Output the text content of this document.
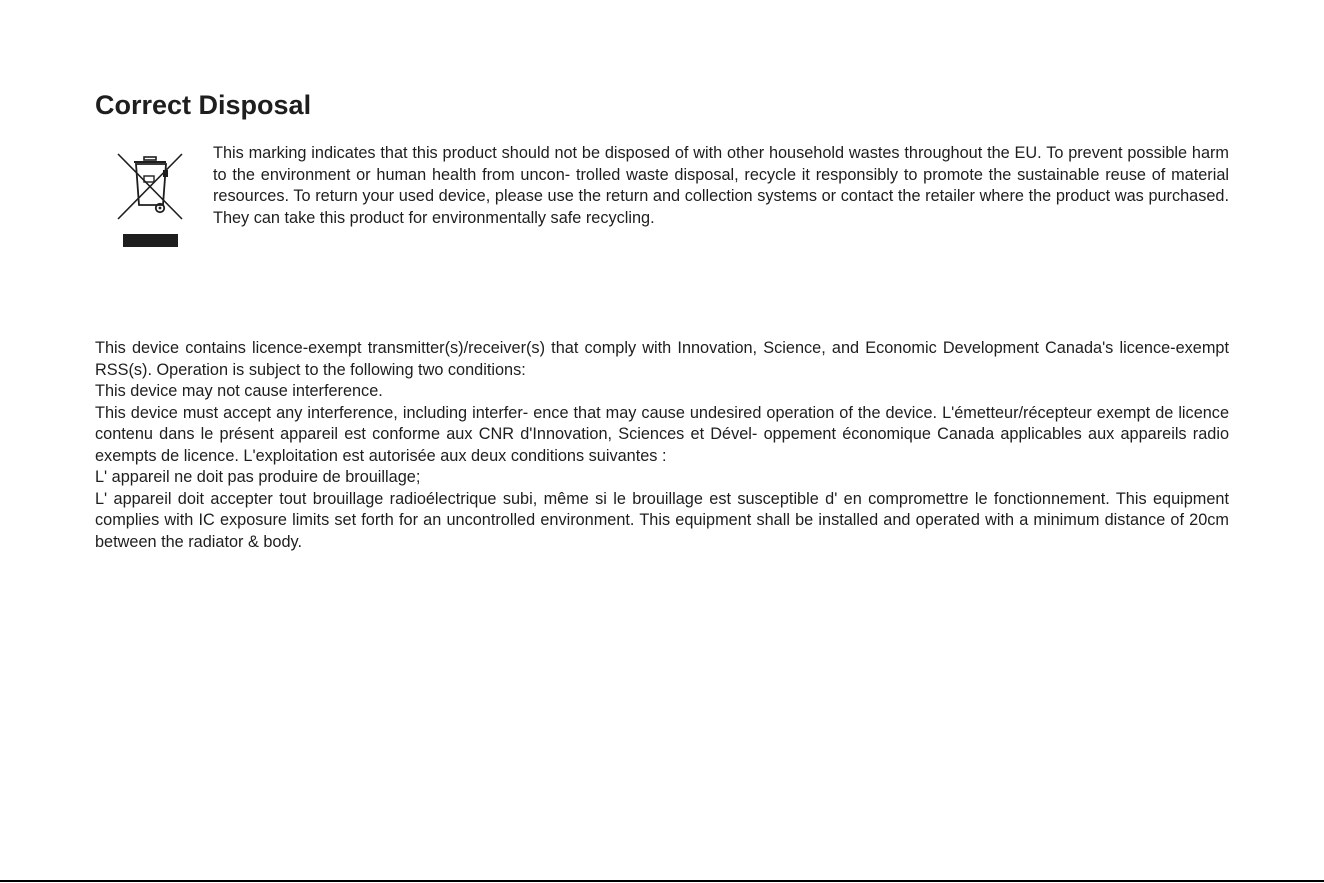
Correct Disposal

This marking indicates that this product should not be disposed of with other household wastes throughout the EU. To prevent possible harm to the environment or human health from uncon- trolled waste disposal, recycle it responsibly to promote the sustainable reuse of material resources. To return your used device, please use the return and collection systems or contact the retailer where the product was purchased. They can take this product for environmentally safe recycling.

This device contains licence-exempt transmitter(s)/receiver(s) that comply with Innovation, Science, and Economic Development Canada's licence-exempt RSS(s). Operation is subject to the following two conditions:

This device may not cause interference.

This device must accept any interference, including interfer- ence that may cause undesired operation of the device. L'émetteur/récepteur exempt de licence contenu dans le présent appareil est conforme aux CNR d'Innovation, Sciences et Dével- oppement économique Canada applicables aux appareils radio exempts de licence. L'exploitation est autorisée aux deux conditions suivantes :

L' appareil ne doit pas produire de brouillage;

L' appareil doit accepter tout brouillage radioélectrique subi, même si le brouillage est susceptible d' en compromettre le fonctionnement. This equipment complies with IC exposure limits set forth for an uncontrolled environment. This equipment shall be installed and operated with a minimum distance of 20cm between the radiator & body.
